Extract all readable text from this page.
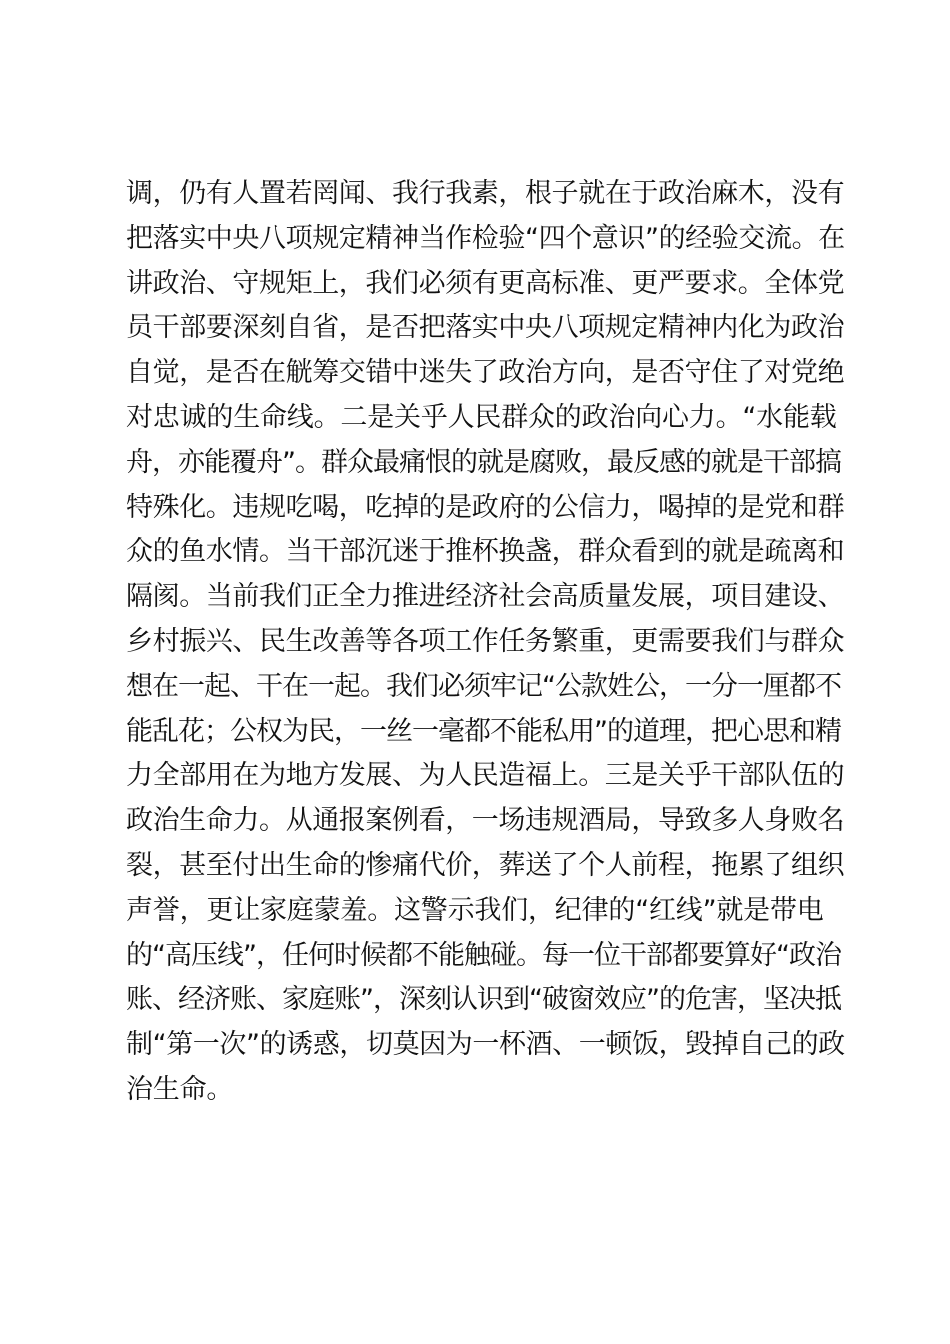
调，仍有人置若罔闻、我行我素，根子就在于政治麻木，没有
把落实中央八项规定精神当作检验“四个意识”的经验交流。在
讲政治、守规矩上，我们必须有更高标准、更严要求。全体党
员干部要深刻自省，是否把落实中央八项规定精神内化为政治
自觉，是否在觥筹交错中迷失了政治方向，是否守住了对党绝
对忠诚的生命线。二是关乎人民群众的政治向心力。“水能载
舟，亦能覆舟”。群众最痛恨的就是腐败，最反感的就是干部搞
特殊化。违规吃喝，吃掉的是政府的公信力，喝掉的是党和群
众的鱼水情。当干部沉迷于推杯换盏，群众看到的就是疏离和
隔阂。当前我们正全力推进经济社会高质量发展，项目建设、
乡村振兴、民生改善等各项工作任务繁重，更需要我们与群众
想在一起、干在一起。我们必须牢记“公款姓公，一分一厘都不
能乱花；公权为民，一丝一毫都不能私用”的道理，把心思和精
力全部用在为地方发展、为人民造福上。三是关乎干部队伍的
政治生命力。从通报案例看，一场违规酒局，导致多人身败名
裂，甚至付出生命的惨痛代价，葬送了个人前程，拖累了组织
声誉，更让家庭蒙羞。这警示我们，纪律的“红线”就是带电
的“高压线”，任何时候都不能触碰。每一位干部都要算好“政治
账、经济账、家庭账”，深刻认识到“破窗效应”的危害，坚决抵
制“第一次”的诱惑，切莫因为一杯酒、一顿饭，毁掉自己的政
治生命。
